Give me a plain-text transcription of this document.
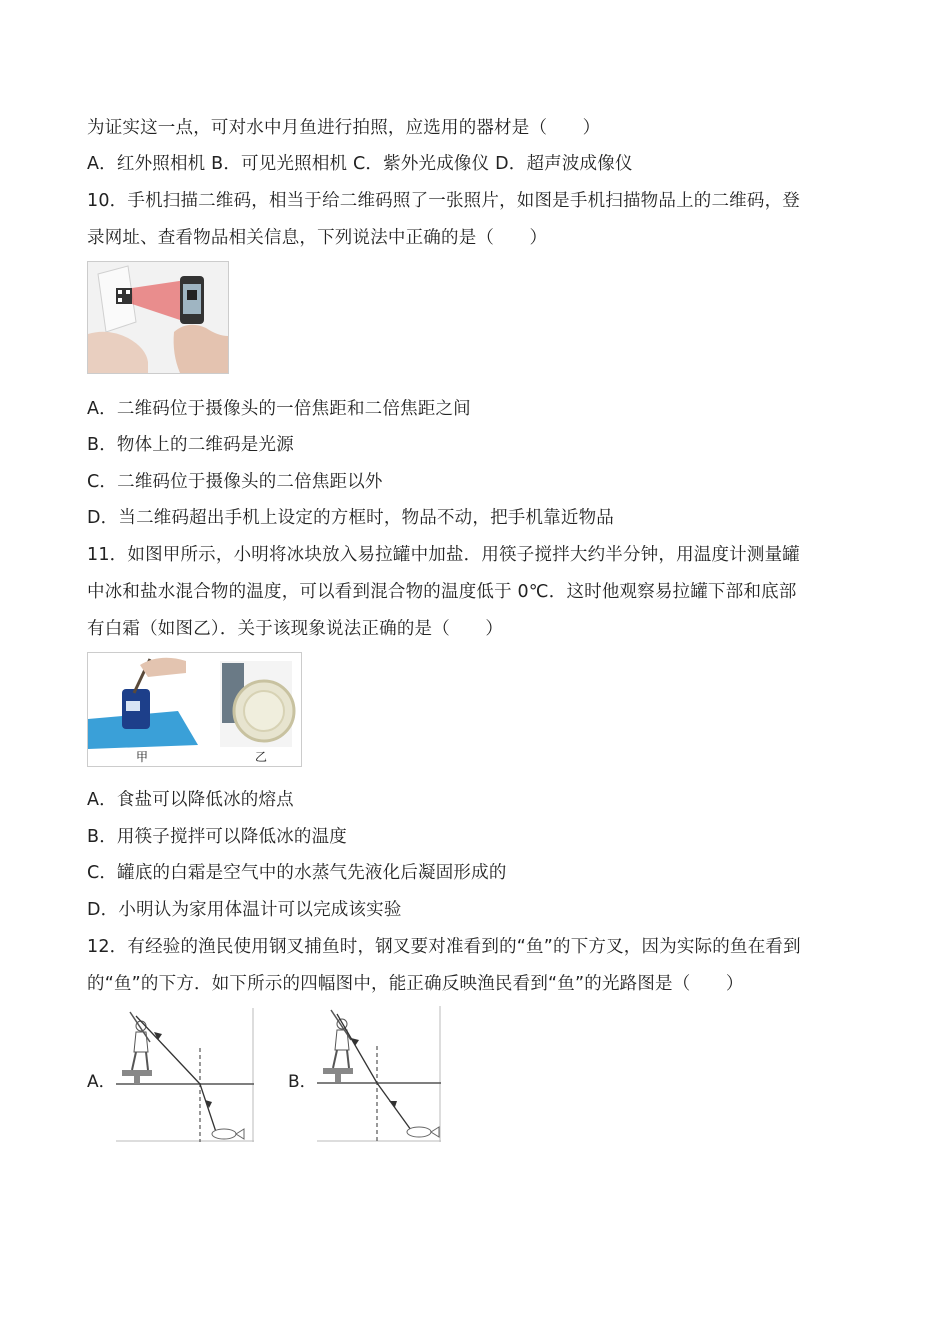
为证实这一点，可对水中月鱼进行拍照，应选用的器材是（　　）
A．红外照相机 B．可见光照相机 C．紫外光成像仪 D．超声波成像仪
10．手机扫描二维码，相当于给二维码照了一张照片，如图是手机扫描物品上的二维码，登
录网址、查看物品相关信息，下列说法中正确的是（　　）
A．二维码位于摄像头的一倍焦距和二倍焦距之间
B．物体上的二维码是光源
C．二维码位于摄像头的二倍焦距以外
D．当二维码超出手机上设定的方框时，物品不动，把手机靠近物品
11．如图甲所示，小明将冰块放入易拉罐中加盐．用筷子搅拌大约半分钟，用温度计测量罐
中冰和盐水混合物的温度，可以看到混合物的温度低于 0℃．这时他观察易拉罐下部和底部
有白霜（如图乙）．关于该现象说法正确的是（　　）
甲	乙
A．食盐可以降低冰的熔点
B．用筷子搅拌可以降低冰的温度
C．罐底的白霜是空气中的水蒸气先液化后凝固形成的
D．小明认为家用体温计可以完成该实验
12．有经验的渔民使用钢叉捕鱼时，钢叉要对准看到的“鱼”的下方叉，因为实际的鱼在看到
的“鱼”的下方．如下所示的四幅图中，能正确反映渔民看到“鱼”的光路图是（　　）
A．	B．
